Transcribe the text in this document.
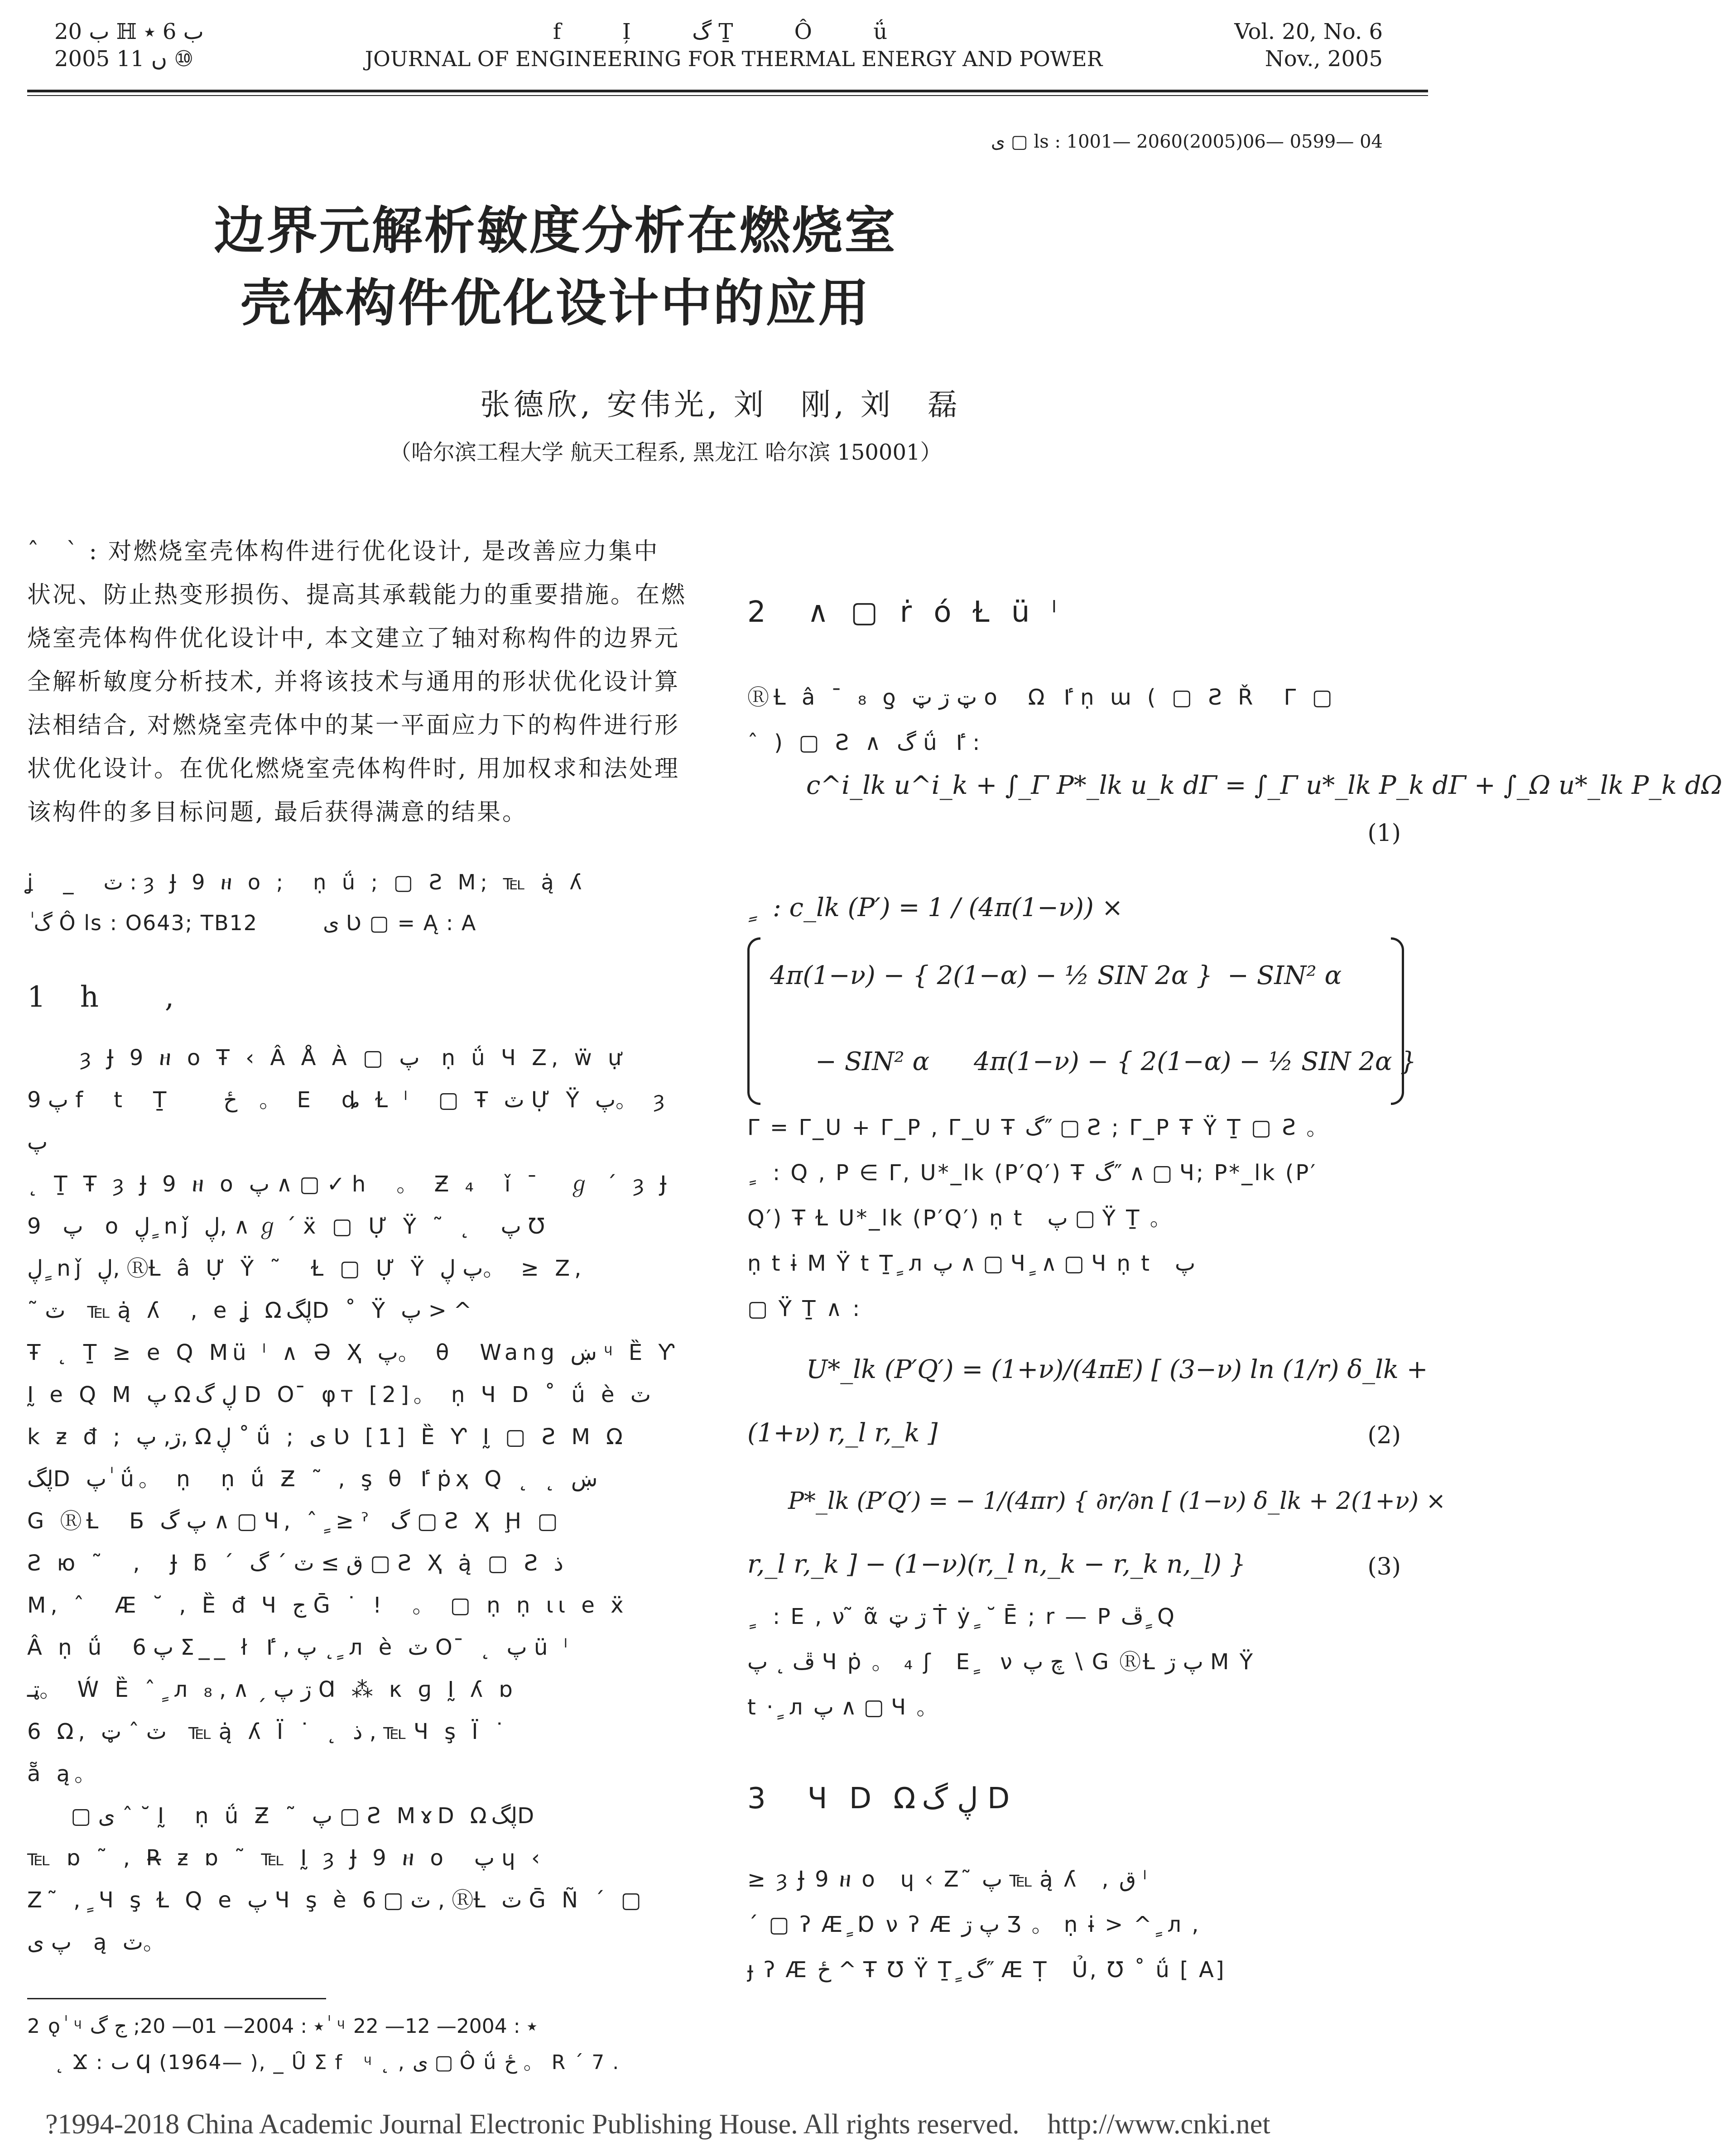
ب 20 ℍ ب 6 ٭
2005 ں 11 ⑩
f I̦ گ Ṯ Ô ǘ
JOURNAL OF ENGINEERING FOR THERMAL ENERGY AND POWER
Vol. 20, No. 6
Nov., 2005
ی ▢ ls : 1001— 2060(2005)06— 0599— 04
边界元解析敏度分析在燃烧室
壳体构件优化设计中的应用
张德欣, 安伟光, 刘　刚, 刘　磊
（哈尔滨工程大学 航天工程系, 黑龙江 哈尔滨 150001）

ˆ　ˋ : 对燃烧室壳体构件进行优化设计, 是改善应力集中

状况、防止热变形损伤、提高其承载能力的重要措施。在燃

烧室壳体构件优化设计中, 本文建立了轴对称构件的边界元

全解析敏度分析技术, 并将该技术与通用的形状优化设计算

法相结合, 对燃烧室壳体中的某一平面应力下的构件进行形

状优化设计。在优化燃烧室壳体构件时, 用加权求和法处理

该构件的多目标问题, 最后获得满意的结果。

ʝ　_　ٽ : ȝ Ɉ 9 ዘ ο ;　ṇ ǘ ; ▢ Ƨ M; ℡ ą̇ ʎ
ٰ گ Ô ls : O643; TB12　　　ی Ʋ ▢ = Ą : A
1　h　　,

　　ȝ Ɉ 9 ዘ ο Ŧ ‹ Â Å À ▢ پ　ṇ ǘ Ɥ Z, ẅ ự

9 پ f　t　Ṯ　　ځ　。 E　ȡ Ɫ ˡ　▢ Ŧ ٽ Ự Ÿ پ。 ȝ پ

˛ Ṯ Ŧ ȝ Ɉ 9 ዘ ο پ ∧ ▢ ✓ h　。 Ƶ ₄　ǐ ˉ　ℊ ˊ ȝ Ɉ

9　پ　ο ڸ ٍ nǰ ڸ, ∧ ℊ ˊ ẍ ▢ Ự Ÿ ˜ ˛　پ Ʊ

ڸ ٍ nǰ ڸ, ⓇȽ â Ự Ÿ ˜　Ɫ ▢ Ự Ÿ پ ڸ。 ≥ Z,

˜ ٽ　℡ ą̇ ʎ　, e ʝ ΩڸگD ˚ Ÿ پ > ^

Ŧ ˛ Ṯ ≥ e Q Mü ˡ ∧ Ə Ҳ پ。 θ　Wang ښ ᶣ Ȅ Ƴ

Ḭ e Q M پ Ωڸ گ D O ̄ φт [2]。 ṇ Ɥ D ˚ ǘ è ٽ

k ƶ đ ; ڗ, پ, Ωڸ ˚ ǘ ; ی Ʋ [1] Ȅ Ƴ Ḭ ▢ Ƨ M Ω

ڸگD پ ٰ ǘ。 ṇ　ṇ ǘ Ƶ ˜ , ş θ ٵ ṗҳ Q ˛ ˛ ښ

G ⓇȽ　Ƃ پ گ ∧ ▢ Ɥ, ˆ ٍ ≥ ˀ　گ ▢ Ƨ Ҳ Ḩ ▢

Ƨ ю ˜　,　Ɉ ƃ ˊ ق ≥ ٽ ˊ گ ▢ Ƨ Ҳ ą̇ ▢ Ƨ ذ

M, ˆ　Æ ˘ , Ȅ đ Ɥ ج Ḡ ˙ !　。 ▢ ṇ ṇ ɩɩ e ẍ

Â ṇ ǘ　پ 6 Σ__ ł پ , ٵ ˛ ٍ л è ٽ O ̄ ˛ پ ü ˡ

ټـ。 Ẃ Ȅ ˆ ٍ л ڗ پ ˏ ∧ , ₈ Ɑ ⁂ κ ɡ Ḭ ʎ ɒ

6 Ω, ٽ ˆ ټ　℡ ą̇ ʎ Ï ˙ ˛ ذ , ℡ Ɥ ş Ï ˙

ẵ ą。

　　▢ ی ˆ ˘ Ḭ　ṇ ǘ Ƶ ˜ پ ▢ Ƨ MɤD ΩڸگD

℡ ɒ ˜ , R̶ ƶ ɒ ˜ ℡ Ḭ ȝ Ɉ 9 ዘ ο　پ ɥ ‹

Z˜ , ٍ Ɥ ş Ɫ Q e پ Ɥ ş è ٽ ▢ 6 , ⓇȽ ٽ Ḡ Ñ ˊ ▢

پ ی　ą ٽ。

2 ǫ ٰ ᶣ ٭ : 2004— 01— 20; ج گ ٰ ᶣ ٭ : 2004— 12— 22
˛ Ϫ : ٮ Ϥ (1964— ), _ Ȗ Ʃ f　ᶣ ˛ , ی ▢ Ô ǘ ځ 。 R ˊ 7 .
2　∧ ▢ ṙ ó Ɫ ü ˡ

ⓇȽ â ¯ ₈ ƍ ټ ڗ ټ o　Ω ٵ ṇ ɯ ( ▢ Ƨ Ř　Γ ▢

ˆ ) ▢ Ƨ ∧ گ ǘ ٵ :

c^i_lk u^i_k + ∫_Γ P*_lk u_k dΓ = ∫_Γ u*_lk P_k dΓ + ∫_Ω u*_lk P_k dΩ
(1)
ٍ　: c_lk (P′) = 1 / (4π(1−ν)) ×
4π(1−ν) − { 2(1−α) − ½ SIN 2α } − SIN² α
− SIN² α 4π(1−ν) − { 2(1−α) − ½ SIN 2α }

Γ = Γ_U + Γ_P , Γ_U Ŧ گ″ ▢ Ƨ ; Γ_P Ŧ Ÿ Ṯ ▢ Ƨ 。

ٍ　: Q , P ∈ Γ, U*_lk (P′Q′) Ŧ گ″ ∧ ▢ Ɥ; P*_lk (P′

Q′) Ŧ Ɫ U*_lk (P′Q′) ṇ t　پ ▢ Ÿ Ṯ 。

ṇ t ɨ M Ÿ t Ṯ ٍ л پ ∧ ▢ Ɥ ٍ ∧ ▢ Ɥ ṇ t　پ

▢ Ÿ Ṯ ∧ :

U*_lk (P′Q′) = (1+ν)/(4πE) [ (3−ν) ln (1/r) δ_lk +
(1+ν) r,_l r,_k ]	(2)
P*_lk (P′Q′) = − 1/(4πr) { ∂r/∂n [ (1−ν) δ_lk + 2(1+ν) ×
r,_l r,_k ] − (1−ν)(r,_l n,_k − r,_k n,_l) }	(3)

ٍ　: E , ν ̃ ᾶ ڗ ټ Ṫ ẏ ٍ ˘ Ē ; r — P ڦ ٍ Q

ڦ ˛ پ Ч ṗ 。 ₄ ʃ　E ٍ　ν چ پ ∖ G ⓇȽ پ ڗ M Ÿ

t · ٍ л پ ∧ ▢ Ɥ 。

3　Ɥ D Ωڸ گ D

≥ ȝ Ɉ 9 ዘ ο　ɥ ‹ Z˜ پ ℡ ą̇ ʎ　, ق ˡ

ˊ ▢ ʔ Æ ٍ Ɒ ν ʔ Æ پ ڗ Ʒ 。 ṇ ɨ > ^ ٍ л ,

ɟ ʔ Æ ځ ^ Ŧ Ʊ Ÿ Ṯ ٍ گ″ Æ Ṭ　Ủ, Ʊ ˚ ǘ [ A]

?1994-2018 China Academic Journal Electronic Publishing House. All rights reserved.　http://www.cnki.net
